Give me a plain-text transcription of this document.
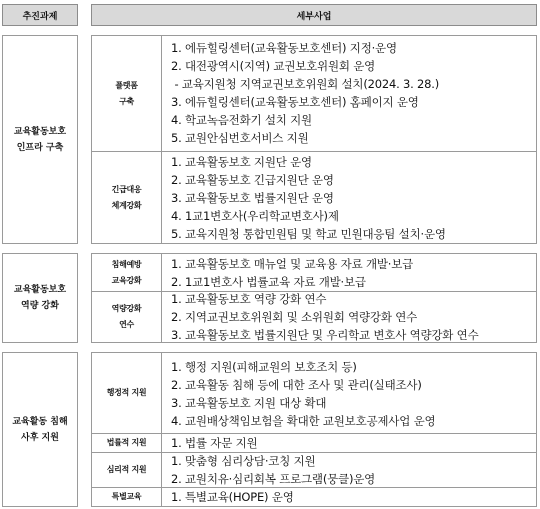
추진과제	세부사업
교육활동보호
인프라 구축
플랫폼
구축
1. 에듀힐링센터(교육활동보호센터) 지정·운영
2. 대전광역시(지역) 교권보호위원회 운영
- 교육지원청 지역교권보호위원회 설치(2024. 3. 28.)
3. 에듀힐링센터(교육활동보호센터) 홈페이지 운영
4. 학교녹음전화기 설치 지원
5. 교원안심번호서비스 지원
긴급대응
체계강화
1. 교육활동보호 지원단 운영
2. 교육활동보호 긴급지원단 운영
3. 교육활동보호 법률지원단 운영
4. 1교1변호사(우리학교변호사)제
5. 교육지원청 통합민원팀 및 학교 민원대응팀 설치·운영
교육활동보호
역량 강화
침해예방
교육강화
1. 교육활동보호 매뉴얼 및 교육용 자료 개발·보급
2. 1교1변호사 법률교육 자료 개발·보급
역량강화
연수
1. 교육활동보호 역량 강화 연수
2. 지역교권보호위원회 및 소위원회 역량강화 연수
3. 교육활동보호 법률지원단 및 우리학교 변호사 역량강화 연수
교육활동 침해
사후 지원
행정적 지원
1. 행정 지원(피해교원의 보호조치 등)
2. 교육활동 침해 등에 대한 조사 및 관리(실태조사)
3. 교육활동보호 지원 대상 확대
4. 교원배상책임보험을 확대한 교원보호공제사업 운영
법률적 지원 1. 법률 자문 지원
심리적 지원
1. 맞춤형 심리상담·코칭 지원
2. 교원치유·심리회복 프로그램(뭉클)운영
특별교육	1. 특별교육(HOPE) 운영
